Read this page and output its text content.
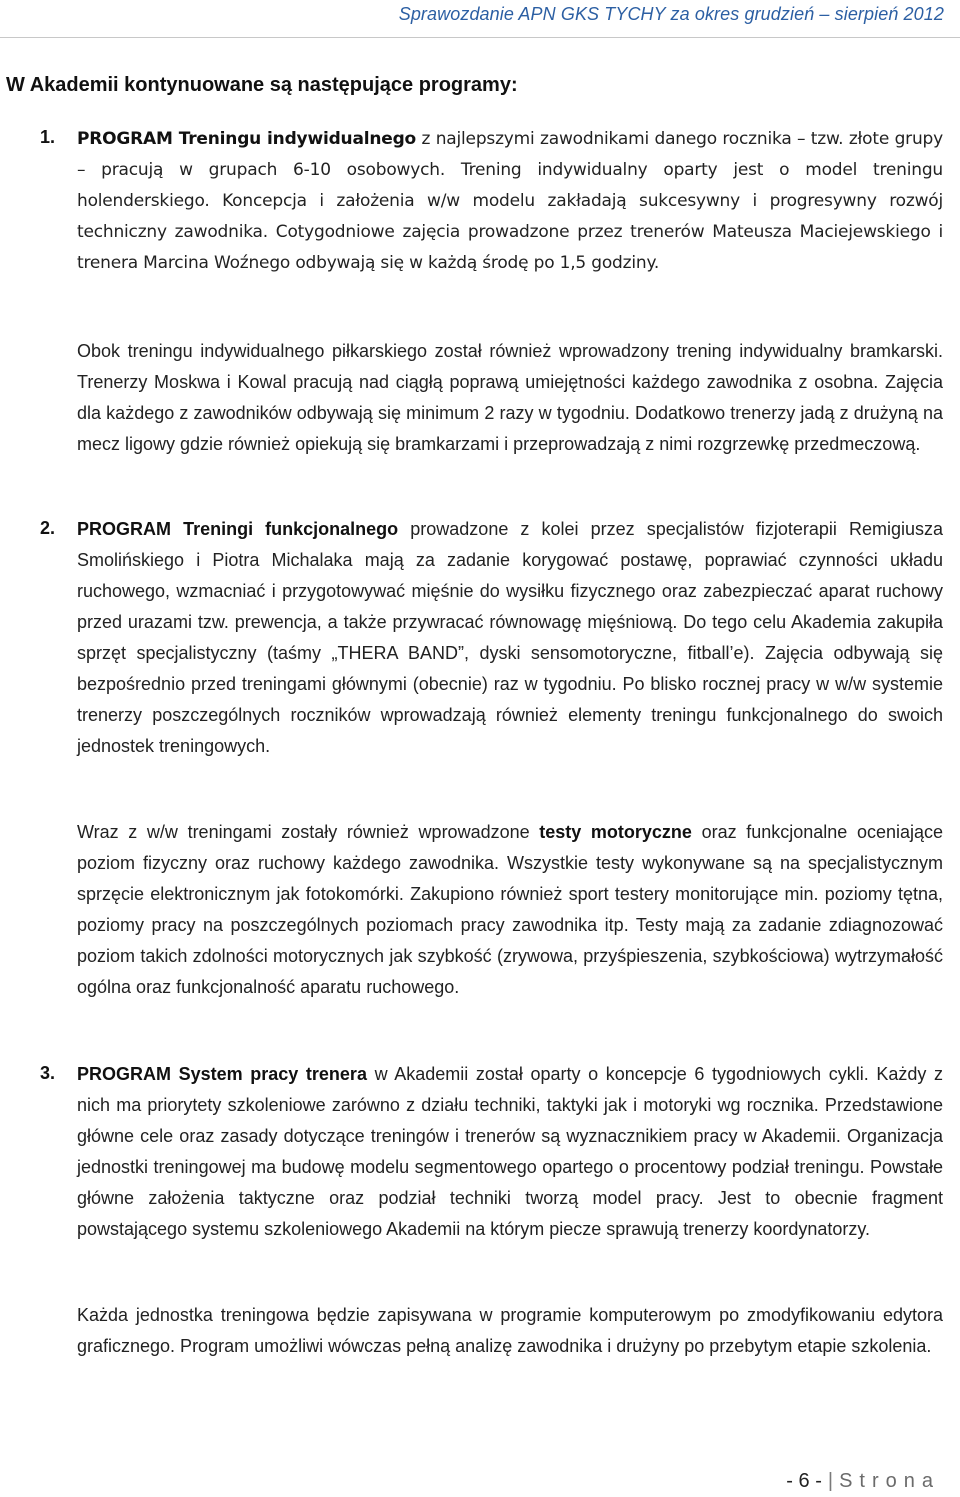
Sprawozdanie APN GKS TYCHY za okres grudzień – sierpień 2012
W Akademii kontynuowane są następujące programy:
1. PROGRAM Treningu indywidualnego z najlepszymi zawodnikami danego rocznika – tzw. złote grupy – pracują w grupach 6-10 osobowych. Trening indywidualny oparty jest o model treningu holenderskiego. Koncepcja i założenia w/w modelu zakładają sukcesywny i progresywny rozwój techniczny zawodnika. Cotygodniowe zajęcia prowadzone przez trenerów Mateusza Maciejewskiego i trenera Marcina Woźnego odbywają się w każdą środę po 1,5 godziny.

Obok treningu indywidualnego piłkarskiego został również wprowadzony trening indywidualny bramkarski. Trenerzy Moskwa i Kowal pracują nad ciągłą poprawą umiejętności każdego zawodnika z osobna. Zajęcia dla każdego z zawodników odbywają się minimum 2 razy w tygodniu. Dodatkowo trenerzy jadą z drużyną na mecz ligowy gdzie również opiekują się bramkarzami i przeprowadzają z nimi rozgrzewkę przedmeczową.

2. PROGRAM Treningi funkcjonalnego prowadzone z kolei przez specjalistów fizjoterapii Remigiusza Smolińskiego i Piotra Michalaka mają za zadanie korygować postawę, poprawiać czynności układu ruchowego, wzmacniać i przygotowywać mięśnie do wysiłku fizycznego oraz zabezpieczać aparat ruchowy przed urazami tzw. prewencja, a także przywracać równowagę mięśniową. Do tego celu Akademia zakupiła sprzęt specjalistyczny (taśmy „THERA BAND”, dyski sensomotoryczne, fitball’e). Zajęcia odbywają się bezpośrednio przed treningami głównymi (obecnie) raz w tygodniu. Po blisko rocznej pracy w w/w systemie trenerzy poszczególnych roczników wprowadzają również elementy treningu funkcjonalnego do swoich jednostek treningowych.

Wraz z w/w treningami zostały również wprowadzone testy motoryczne oraz funkcjonalne oceniające poziom fizyczny oraz ruchowy każdego zawodnika. Wszystkie testy wykonywane są na specjalistycznym sprzęcie elektronicznym jak fotokomórki. Zakupiono również sport testery monitorujące min. poziomy tętna, poziomy pracy na poszczególnych poziomach pracy zawodnika itp. Testy mają za zadanie zdiagnozować poziom takich zdolności motorycznych jak szybkość (zrywowa, przyśpieszenia, szybkościowa) wytrzymałość ogólna oraz funkcjonalność aparatu ruchowego.

3. PROGRAM System pracy trenera w Akademii został oparty o koncepcje 6 tygodniowych cykli. Każdy z nich ma priorytety szkoleniowe zarówno z działu techniki, taktyki jak i motoryki wg rocznika. Przedstawione główne cele oraz zasady dotyczące treningów i trenerów są wyznacznikiem pracy w Akademii. Organizacja jednostki treningowej ma budowę modelu segmentowego opartego o procentowy podział treningu. Powstałe główne założenia taktyczne oraz podział techniki tworzą model pracy. Jest to obecnie fragment powstającego systemu szkoleniowego Akademii na którym piecze sprawują trenerzy koordynatorzy.

Każda jednostka treningowa będzie zapisywana w programie komputerowym po zmodyfikowaniu edytora graficznego. Program umożliwi wówczas pełną analizę zawodnika i drużyny po przebytym etapie szkolenia.

- 6 - | Strona
